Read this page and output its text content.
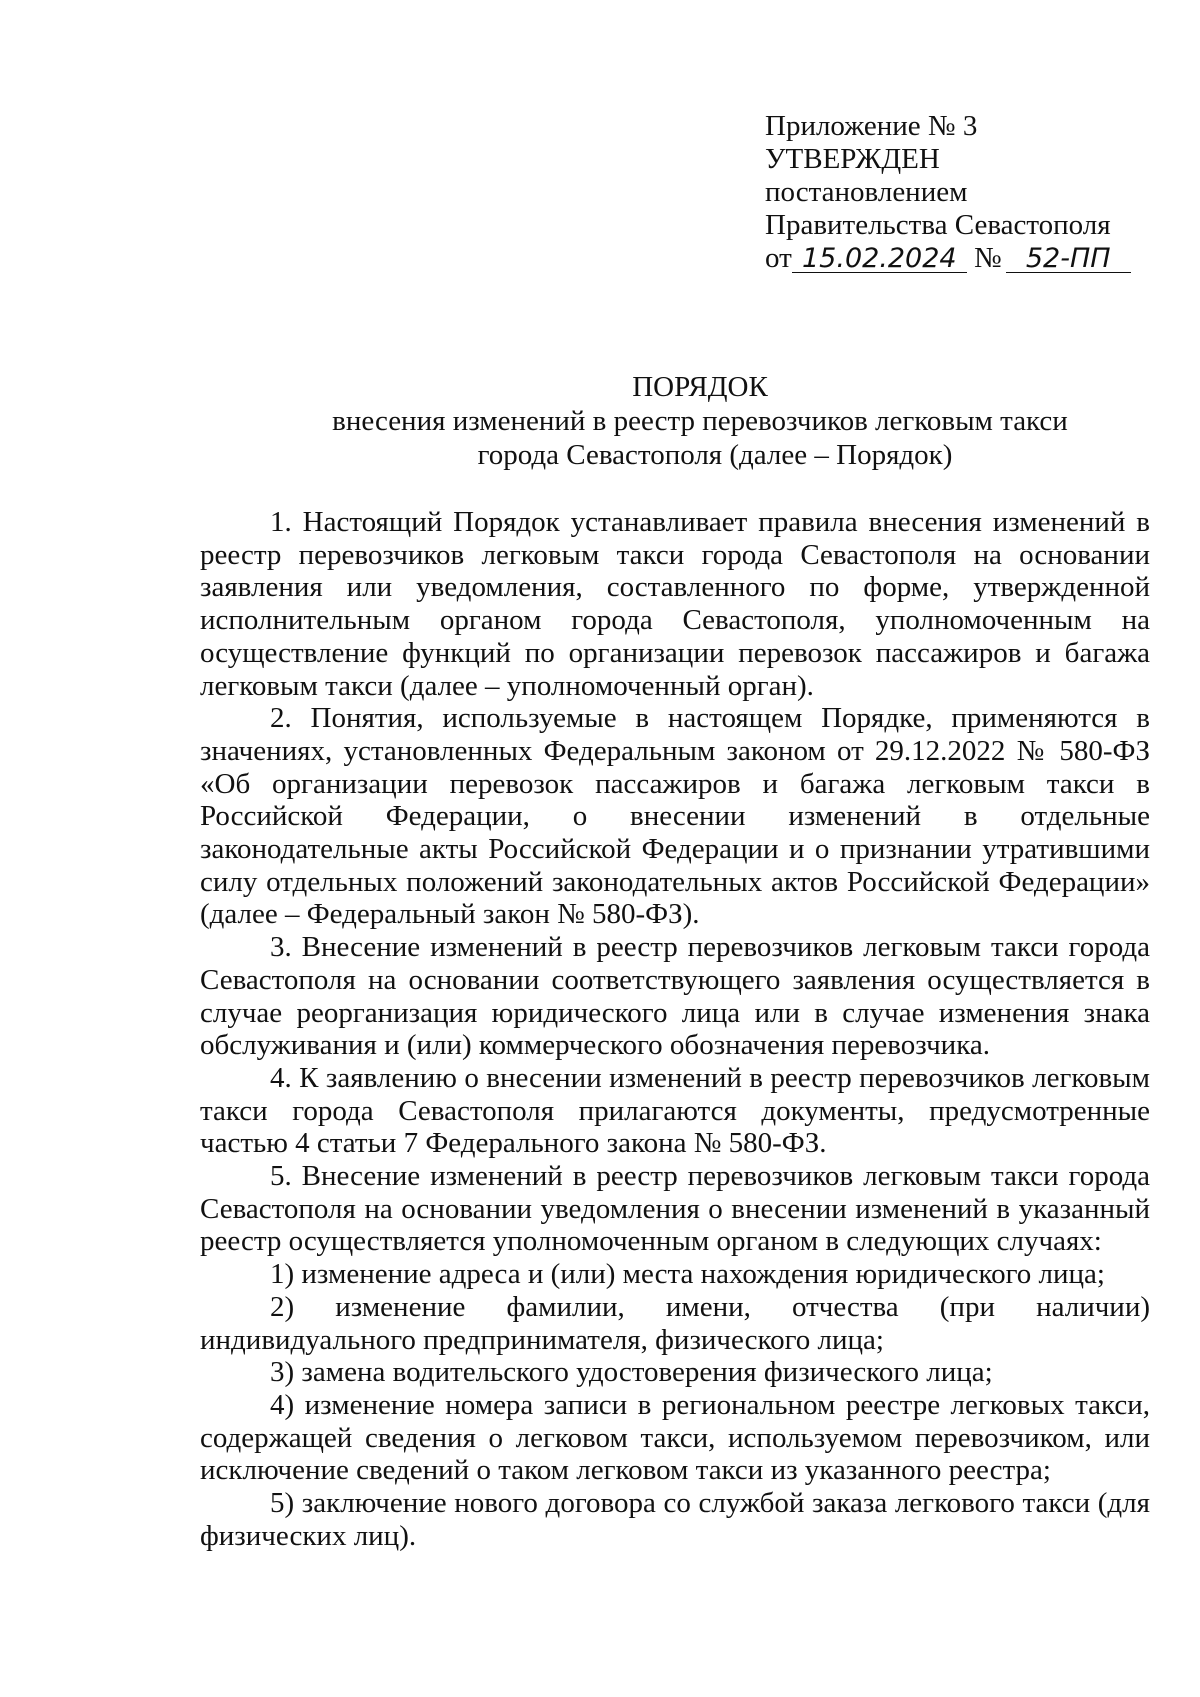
Приложение № 3
УТВЕРЖДЕН
постановлением
Правительства Севастополя
от 15.02.2024 № 52-ПП
ПОРЯДОК
внесения изменений в реестр перевозчиков легковым такси
города Севастополя (далее – Порядок)

1. Настоящий Порядок устанавливает правила внесения изменений в реестр перевозчиков легковым такси города Севастополя на основании заявления или уведомления, составленного по форме, утвержденной исполнительным органом города Севастополя, уполномоченным на осуществление функций по организации перевозок пассажиров и багажа легковым такси (далее – уполномоченный орган).

2. Понятия, используемые в настоящем Порядке, применяются в значениях, установленных Федеральным законом от 29.12.2022 № 580-ФЗ «Об организации перевозок пассажиров и багажа легковым такси в Российской Федерации, о внесении изменений в отдельные законодательные акты Российской Федерации и о признании утратившими силу отдельных положений законодательных актов Российской Федерации» (далее – Федеральный закон № 580-ФЗ).

3. Внесение изменений в реестр перевозчиков легковым такси города Севастополя на основании соответствующего заявления осуществляется в случае реорганизация юридического лица или в случае изменения знака обслуживания и (или) коммерческого обозначения перевозчика.

4. К заявлению о внесении изменений в реестр перевозчиков легковым такси города Севастополя прилагаются документы, предусмотренные частью 4 статьи 7 Федерального закона № 580-ФЗ.

5. Внесение изменений в реестр перевозчиков легковым такси города Севастополя на основании уведомления о внесении изменений в указанный реестр осуществляется уполномоченным органом в следующих случаях:

1) изменение адреса и (или) места нахождения юридического лица;

2) изменение фамилии, имени, отчества (при наличии) индивидуального предпринимателя, физического лица;

3) замена водительского удостоверения физического лица;

4) изменение номера записи в региональном реестре легковых такси, содержащей сведения о легковом такси, используемом перевозчиком, или исключение сведений о таком легковом такси из указанного реестра;

5) заключение нового договора со службой заказа легкового такси (для физических лиц).
